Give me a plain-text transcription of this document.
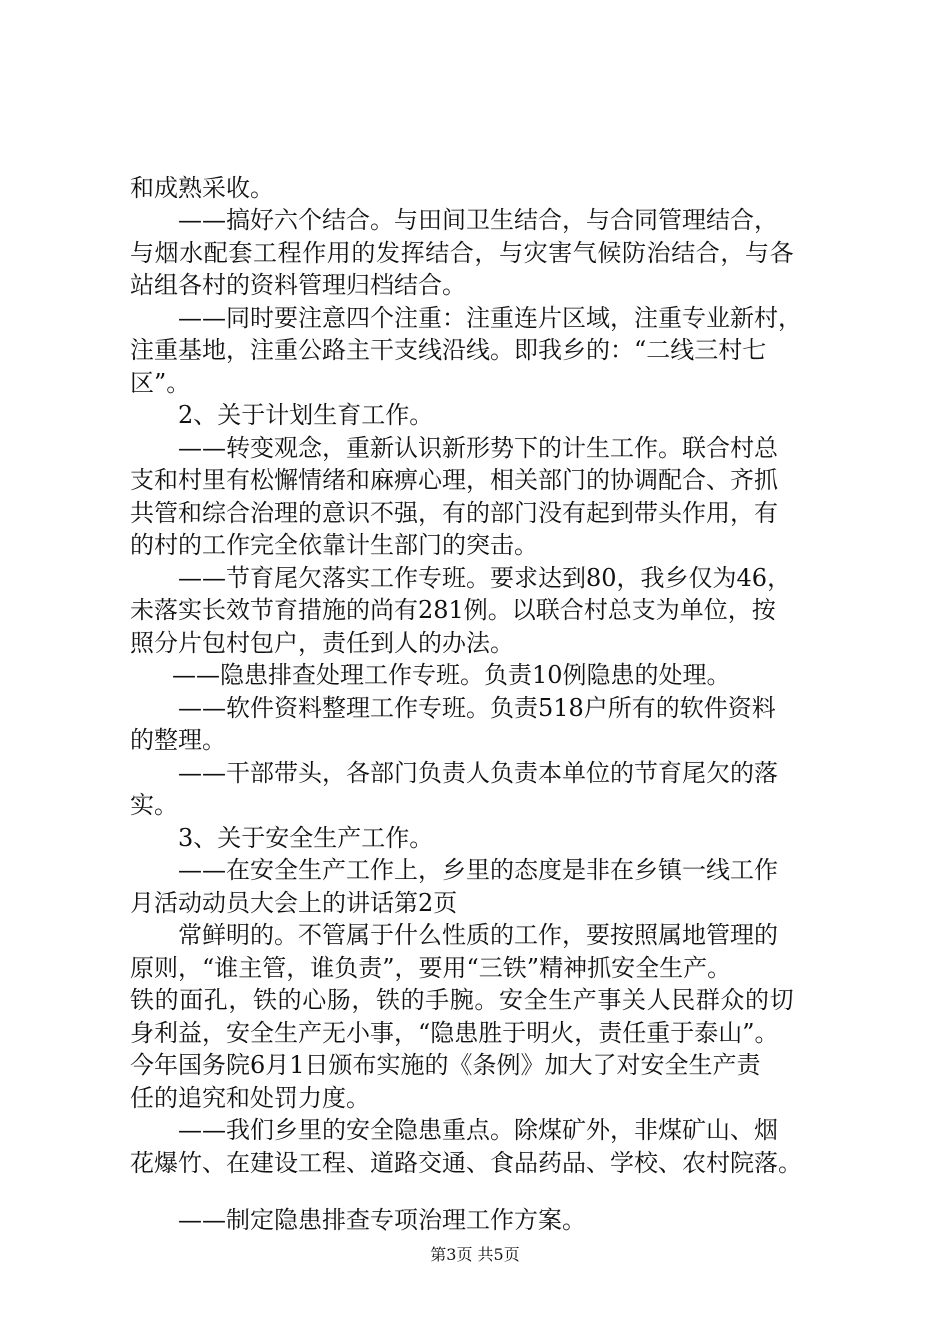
和成熟采收。
——搞好六个结合。与田间卫生结合，与合同管理结合，
与烟水配套工程作用的发挥结合，与灾害气候防治结合，与各
站组各村的资料管理归档结合。
——同时要注意四个注重：注重连片区域，注重专业新村，
注重基地，注重公路主干支线沿线。即我乡的：“二线三村七
区”。
2、关于计划生育工作。
——转变观念，重新认识新形势下的计生工作。联合村总
支和村里有松懈情绪和麻痹心理，相关部门的协调配合、齐抓
共管和综合治理的意识不强，有的部门没有起到带头作用，有
的村的工作完全依靠计生部门的突击。
——节育尾欠落实工作专班。要求达到80，我乡仅为46，
未落实长效节育措施的尚有281例。以联合村总支为单位，按
照分片包村包户，责任到人的办法。
——隐患排查处理工作专班。负责10例隐患的处理。
——软件资料整理工作专班。负责518户所有的软件资料
的整理。
——干部带头，各部门负责人负责本单位的节育尾欠的落
实。
3、关于安全生产工作。
——在安全生产工作上，乡里的态度是非在乡镇一线工作
月活动动员大会上的讲话第2页
常鲜明的。不管属于什么性质的工作，要按照属地管理的
原则，“谁主管，谁负责”，要用“三铁”精神抓安全生产。
铁的面孔，铁的心肠，铁的手腕。安全生产事关人民群众的切
身利益，安全生产无小事，“隐患胜于明火，责任重于泰山”。
今年国务院6月1日颁布实施的《条例》加大了对安全生产责
任的追究和处罚力度。
——我们乡里的安全隐患重点。除煤矿外，非煤矿山、烟
花爆竹、在建设工程、道路交通、食品药品、学校、农村院落。
——制定隐患排查专项治理工作方案。
第3页 共5页
